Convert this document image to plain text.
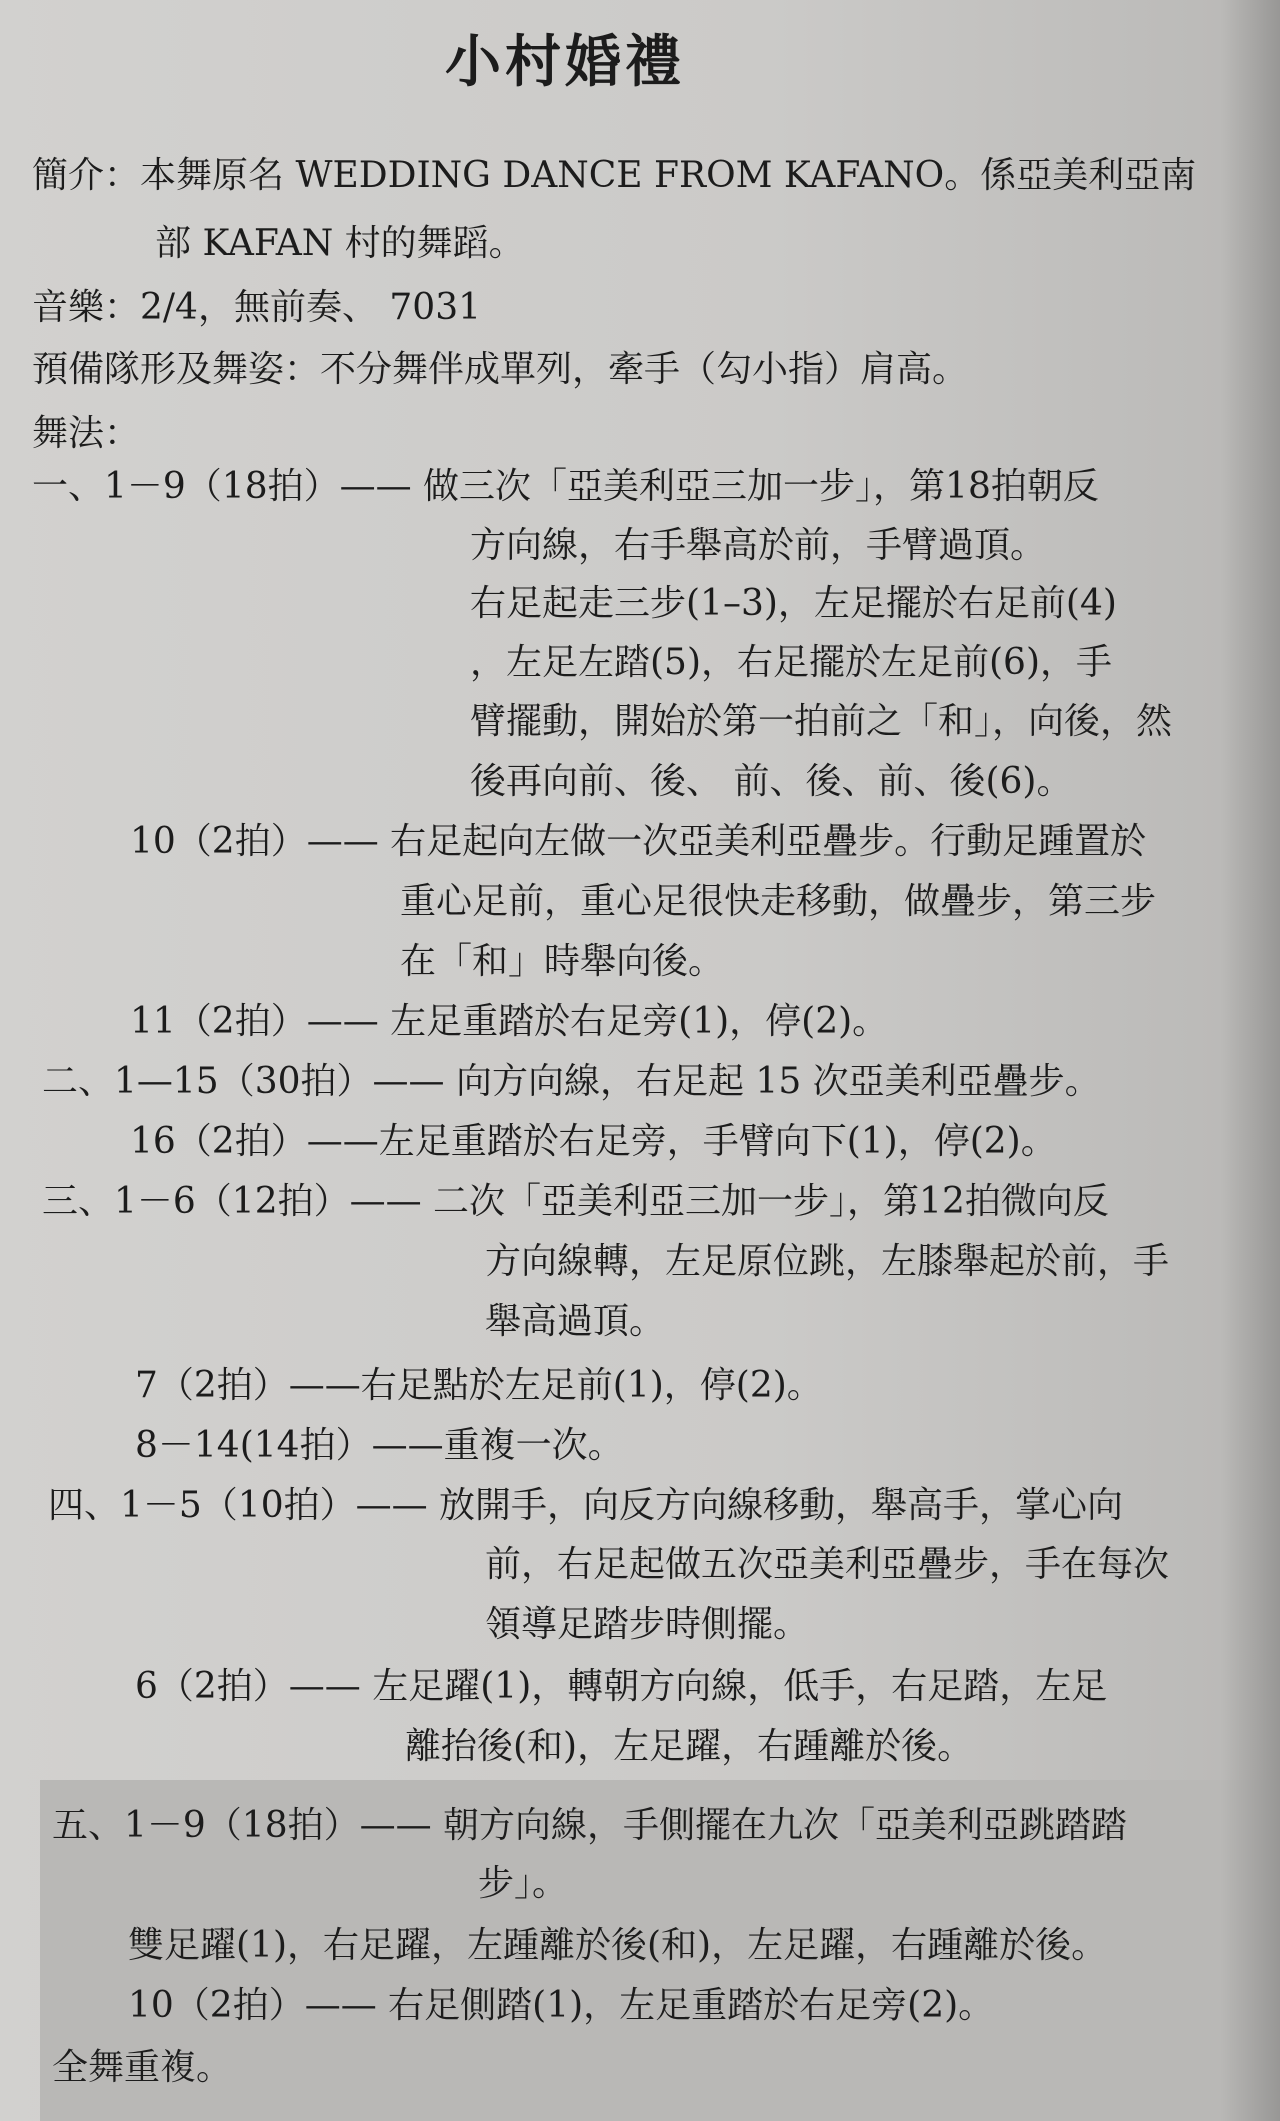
小村婚禮
簡介：本舞原名 WEDDING DANCE FROM KAFANO。係亞美利亞南
部 KAFAN 村的舞蹈。
音樂：2/4，無前奏、 7031
預備隊形及舞姿：不分舞伴成單列，牽手（勾小指）肩高。
舞法：
一、1－9（18拍）—— 做三次「亞美利亞三加一步」，第18拍朝反
方向線，右手舉高於前，手臂過頂。
右足起走三步(1–3)，左足擺於右足前(4)
，左足左踏(5)，右足擺於左足前(6)，手
臂擺動，開始於第一拍前之「和」，向後，然
後再向前、後、 前、後、前、後(6)。
10（2拍）—— 右足起向左做一次亞美利亞疊步。行動足踵置於
重心足前，重心足很快走移動，做疊步，第三步
在「和」時舉向後。
11（2拍）—— 左足重踏於右足旁(1)，停(2)。
二、1—15（30拍）—— 向方向線，右足起 15 次亞美利亞疊步。
16（2拍）——左足重踏於右足旁，手臂向下(1)，停(2)。
三、1－6（12拍）—— 二次「亞美利亞三加一步」，第12拍微向反
方向線轉，左足原位跳，左膝舉起於前，手
舉高過頂。
7（2拍）——右足點於左足前(1)，停(2)。
8－14(14拍）——重複一次。
四、1－5（10拍）—— 放開手，向反方向線移動，舉高手，掌心向
前，右足起做五次亞美利亞疊步，手在每次
領導足踏步時側擺。
6（2拍）—— 左足躍(1)，轉朝方向線，低手，右足踏，左足
離抬後(和)，左足躍，右踵離於後。
五、1－9（18拍）—— 朝方向線，手側擺在九次「亞美利亞跳踏踏
步」。
雙足躍(1)，右足躍，左踵離於後(和)，左足躍，右踵離於後。
10（2拍）—— 右足側踏(1)，左足重踏於右足旁(2)。
全舞重複。
